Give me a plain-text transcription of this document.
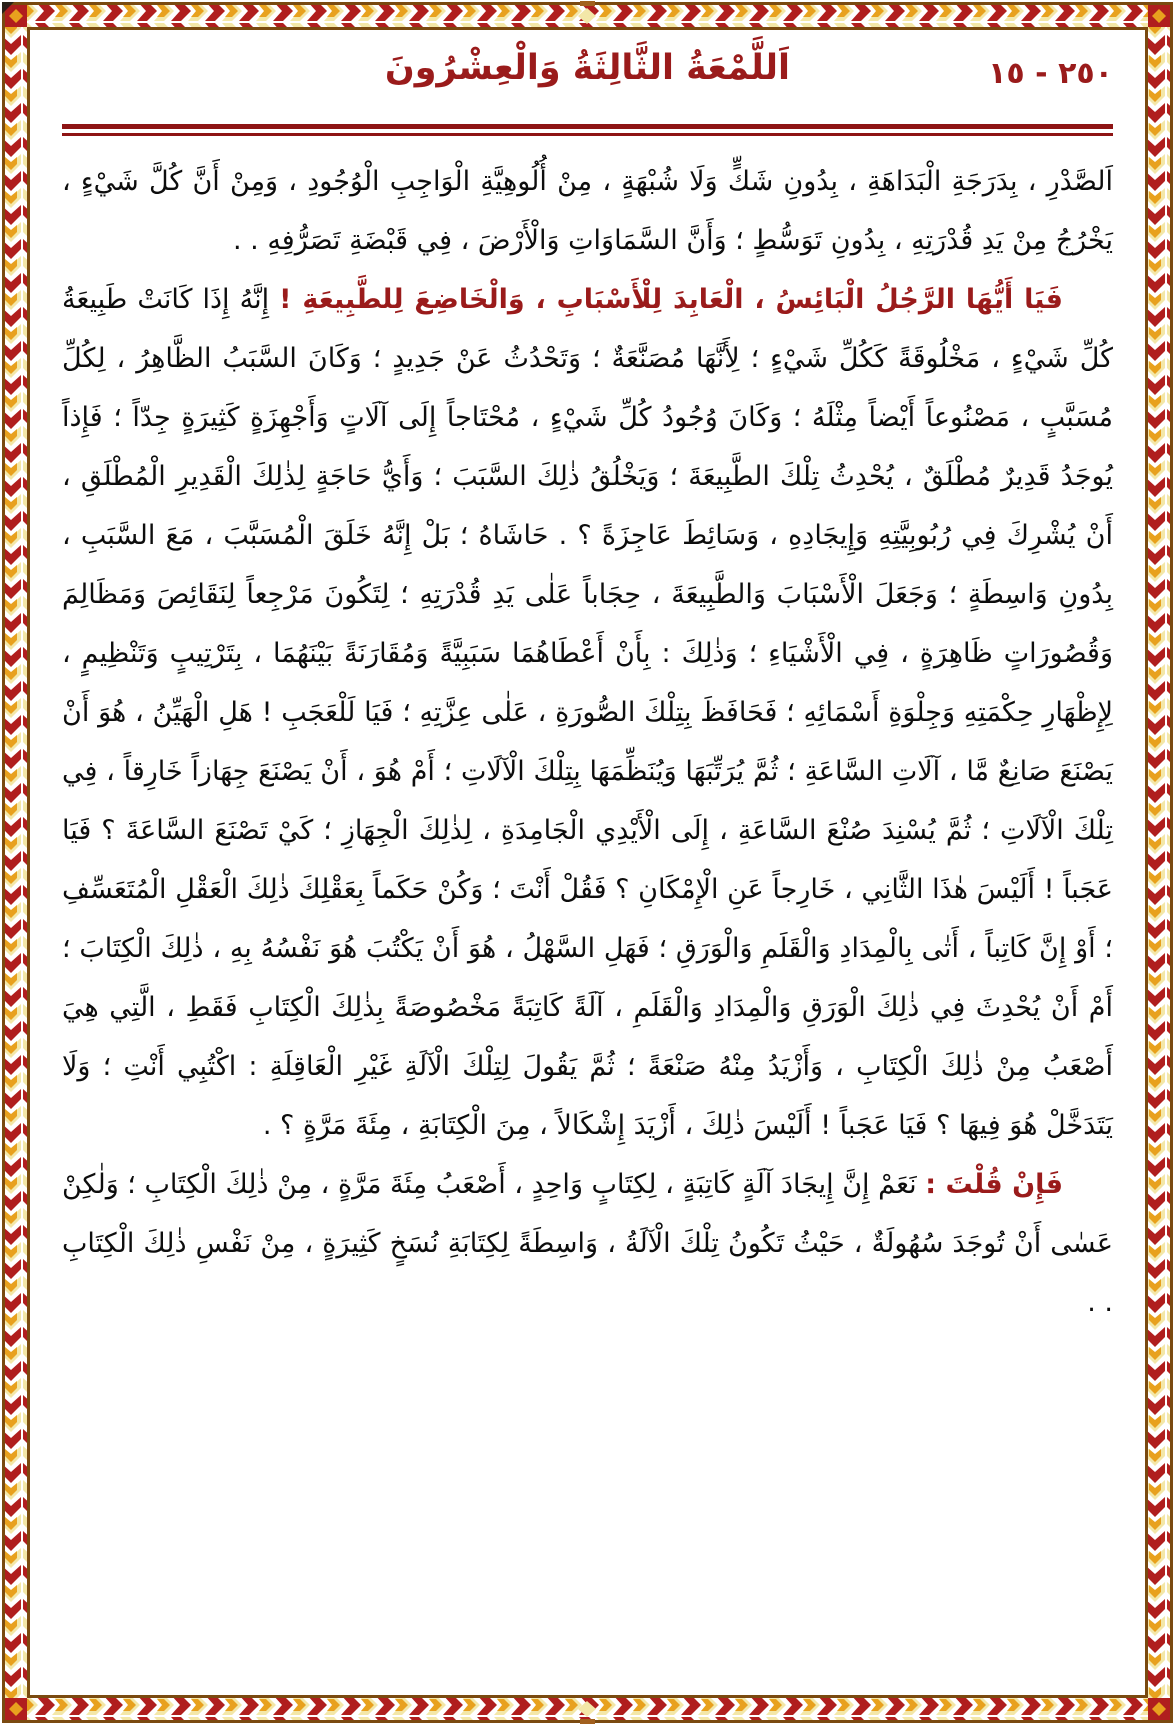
٢٥٠ - ١٥
اَللَّمْعَةُ الثَّالِثَةُ وَالْعِشْرُونَ

اَلصَّدْرِ ، بِدَرَجَةِ الْبَدَاهَةِ ، بِدُونِ شَكٍّ وَلَا شُبْهَةٍ ، مِنْ أُلُوهِيَّةِ الْوَاجِبِ الْوُجُودِ ، وَمِنْ أَنَّ كُلَّ شَيْءٍ ، يَخْرُجُ مِنْ يَدِ قُدْرَتِهِ ، بِدُونِ تَوَسُّطٍ ؛ وَأَنَّ السَّمَاوَاتِ وَالْأَرْضَ ، فِي قَبْضَةِ تَصَرُّفِهِ . .

فَيَا أَيُّهَا الرَّجُلُ الْبَائِسُ ، الْعَابِدَ لِلْأَسْبَابِ ، وَالْخَاضِعَ لِلطَّبِيعَةِ ! إِنَّهُ إِذَا كَانَتْ طَبِيعَةُ كُلِّ شَيْءٍ ، مَخْلُوقَةً كَكُلِّ شَيْءٍ ؛ لِأَنَّهَا مُصَنَّعَةٌ ؛ وَتَحْدُثُ عَنْ جَدِيدٍ ؛ وَكَانَ السَّبَبُ الظَّاهِرُ ، لِكُلِّ مُسَبَّبٍ ، مَصْنُوعاً أَيْضاً مِثْلَهُ ؛ وَكَانَ وُجُودُ كُلِّ شَيْءٍ ، مُحْتَاجاً إِلَى آلَاتٍ وَأَجْهِزَةٍ كَثِيرَةٍ جِدّاً ؛ فَإِذاً يُوجَدُ قَدِيرٌ مُطْلَقٌ ، يُحْدِثُ تِلْكَ الطَّبِيعَةَ ؛ وَيَخْلُقُ ذٰلِكَ السَّبَبَ ؛ وَأَيُّ حَاجَةٍ لِذٰلِكَ الْقَدِيرِ الْمُطْلَقِ ، أَنْ يُشْرِكَ فِي رُبُوبِيَّتِهِ وَإِيجَادِهِ ، وَسَائِطَ عَاجِزَةً ؟ . حَاشَاهُ ؛ بَلْ إِنَّهُ خَلَقَ الْمُسَبَّبَ ، مَعَ السَّبَبِ ، بِدُونِ وَاسِطَةٍ ؛ وَجَعَلَ الْأَسْبَابَ وَالطَّبِيعَةَ ، حِجَاباً عَلٰى يَدِ قُدْرَتِهِ ؛ لِتَكُونَ مَرْجِعاً لِنَقَائِصَ وَمَظَالِمَ وَقُصُورَاتٍ ظَاهِرَةٍ ، فِي الْأَشْيَاءِ ؛ وَذٰلِكَ : بِأَنْ أَعْطَاهُمَا سَبَبِيَّةً وَمُقَارَنَةً بَيْنَهُمَا ، بِتَرْتِيبٍ وَتَنْظِيمٍ ، لِإِظْهَارِ حِكْمَتِهِ وَجِلْوَةِ أَسْمَائِهِ ؛ فَحَافَظَ بِتِلْكَ الصُّورَةِ ، عَلٰى عِزَّتِهِ ؛ فَيَا لَلْعَجَبِ ! هَلِ الْهَيِّنُ ، هُوَ أَنْ يَصْنَعَ صَانِعٌ مَّا ، آلَاتِ السَّاعَةِ ؛ ثُمَّ يُرَتِّبَهَا وَيُنَظِّمَهَا بِتِلْكَ الْآلَاتِ ؛ أَمْ هُوَ ، أَنْ يَصْنَعَ جِهَازاً خَارِقاً ، فِي تِلْكَ الْآلَاتِ ؛ ثُمَّ يُسْنِدَ صُنْعَ السَّاعَةِ ، إِلَى الْأَيْدِي الْجَامِدَةِ ، لِذٰلِكَ الْجِهَازِ ؛ كَيْ تَصْنَعَ السَّاعَةَ ؟ فَيَا عَجَباً ! أَلَيْسَ هٰذَا الثَّانِي ، خَارِجاً عَنِ الْإِمْكَانِ ؟ فَقُلْ أَنْتَ ؛ وَكُنْ حَكَماً بِعَقْلِكَ ذٰلِكَ الْعَقْلِ الْمُتَعَسِّفِ ؛ أَوْ إِنَّ كَاتِباً ، أَتٰى بِالْمِدَادِ وَالْقَلَمِ وَالْوَرَقِ ؛ فَهَلِ السَّهْلُ ، هُوَ أَنْ يَكْتُبَ هُوَ نَفْسُهُ بِهِ ، ذٰلِكَ الْكِتَابَ ؛ أَمْ أَنْ يُحْدِثَ فِي ذٰلِكَ الْوَرَقِ وَالْمِدَادِ وَالْقَلَمِ ، آلَةً كَاتِبَةً مَخْصُوصَةً بِذٰلِكَ الْكِتَابِ فَقَطِ ، الَّتِي هِيَ أَصْعَبُ مِنْ ذٰلِكَ الْكِتَابِ ، وَأَزْيَدُ مِنْهُ صَنْعَةً ؛ ثُمَّ يَقُولَ لِتِلْكَ الْآلَةِ غَيْرِ الْعَاقِلَةِ : اكْتُبِي أَنْتِ ؛ وَلَا يَتَدَخَّلْ هُوَ فِيهَا ؟ فَيَا عَجَباً ! أَلَيْسَ ذٰلِكَ ، أَزْيَدَ إِشْكَالاً ، مِنَ الْكِتَابَةِ ، مِئَةَ مَرَّةٍ ؟ .

فَإِنْ قُلْتَ : نَعَمْ إِنَّ إِيجَادَ آلَةٍ كَاتِبَةٍ ، لِكِتَابٍ وَاحِدٍ ، أَصْعَبُ مِئَةَ مَرَّةٍ ، مِنْ ذٰلِكَ الْكِتَابِ ؛ وَلٰكِنْ عَسٰى أَنْ تُوجَدَ سُهُولَةٌ ، حَيْثُ تَكُونُ تِلْكَ الْآلَةُ ، وَاسِطَةً لِكِتَابَةِ نُسَخٍ كَثِيرَةٍ ، مِنْ نَفْسِ ذٰلِكَ الْكِتَابِ . .
